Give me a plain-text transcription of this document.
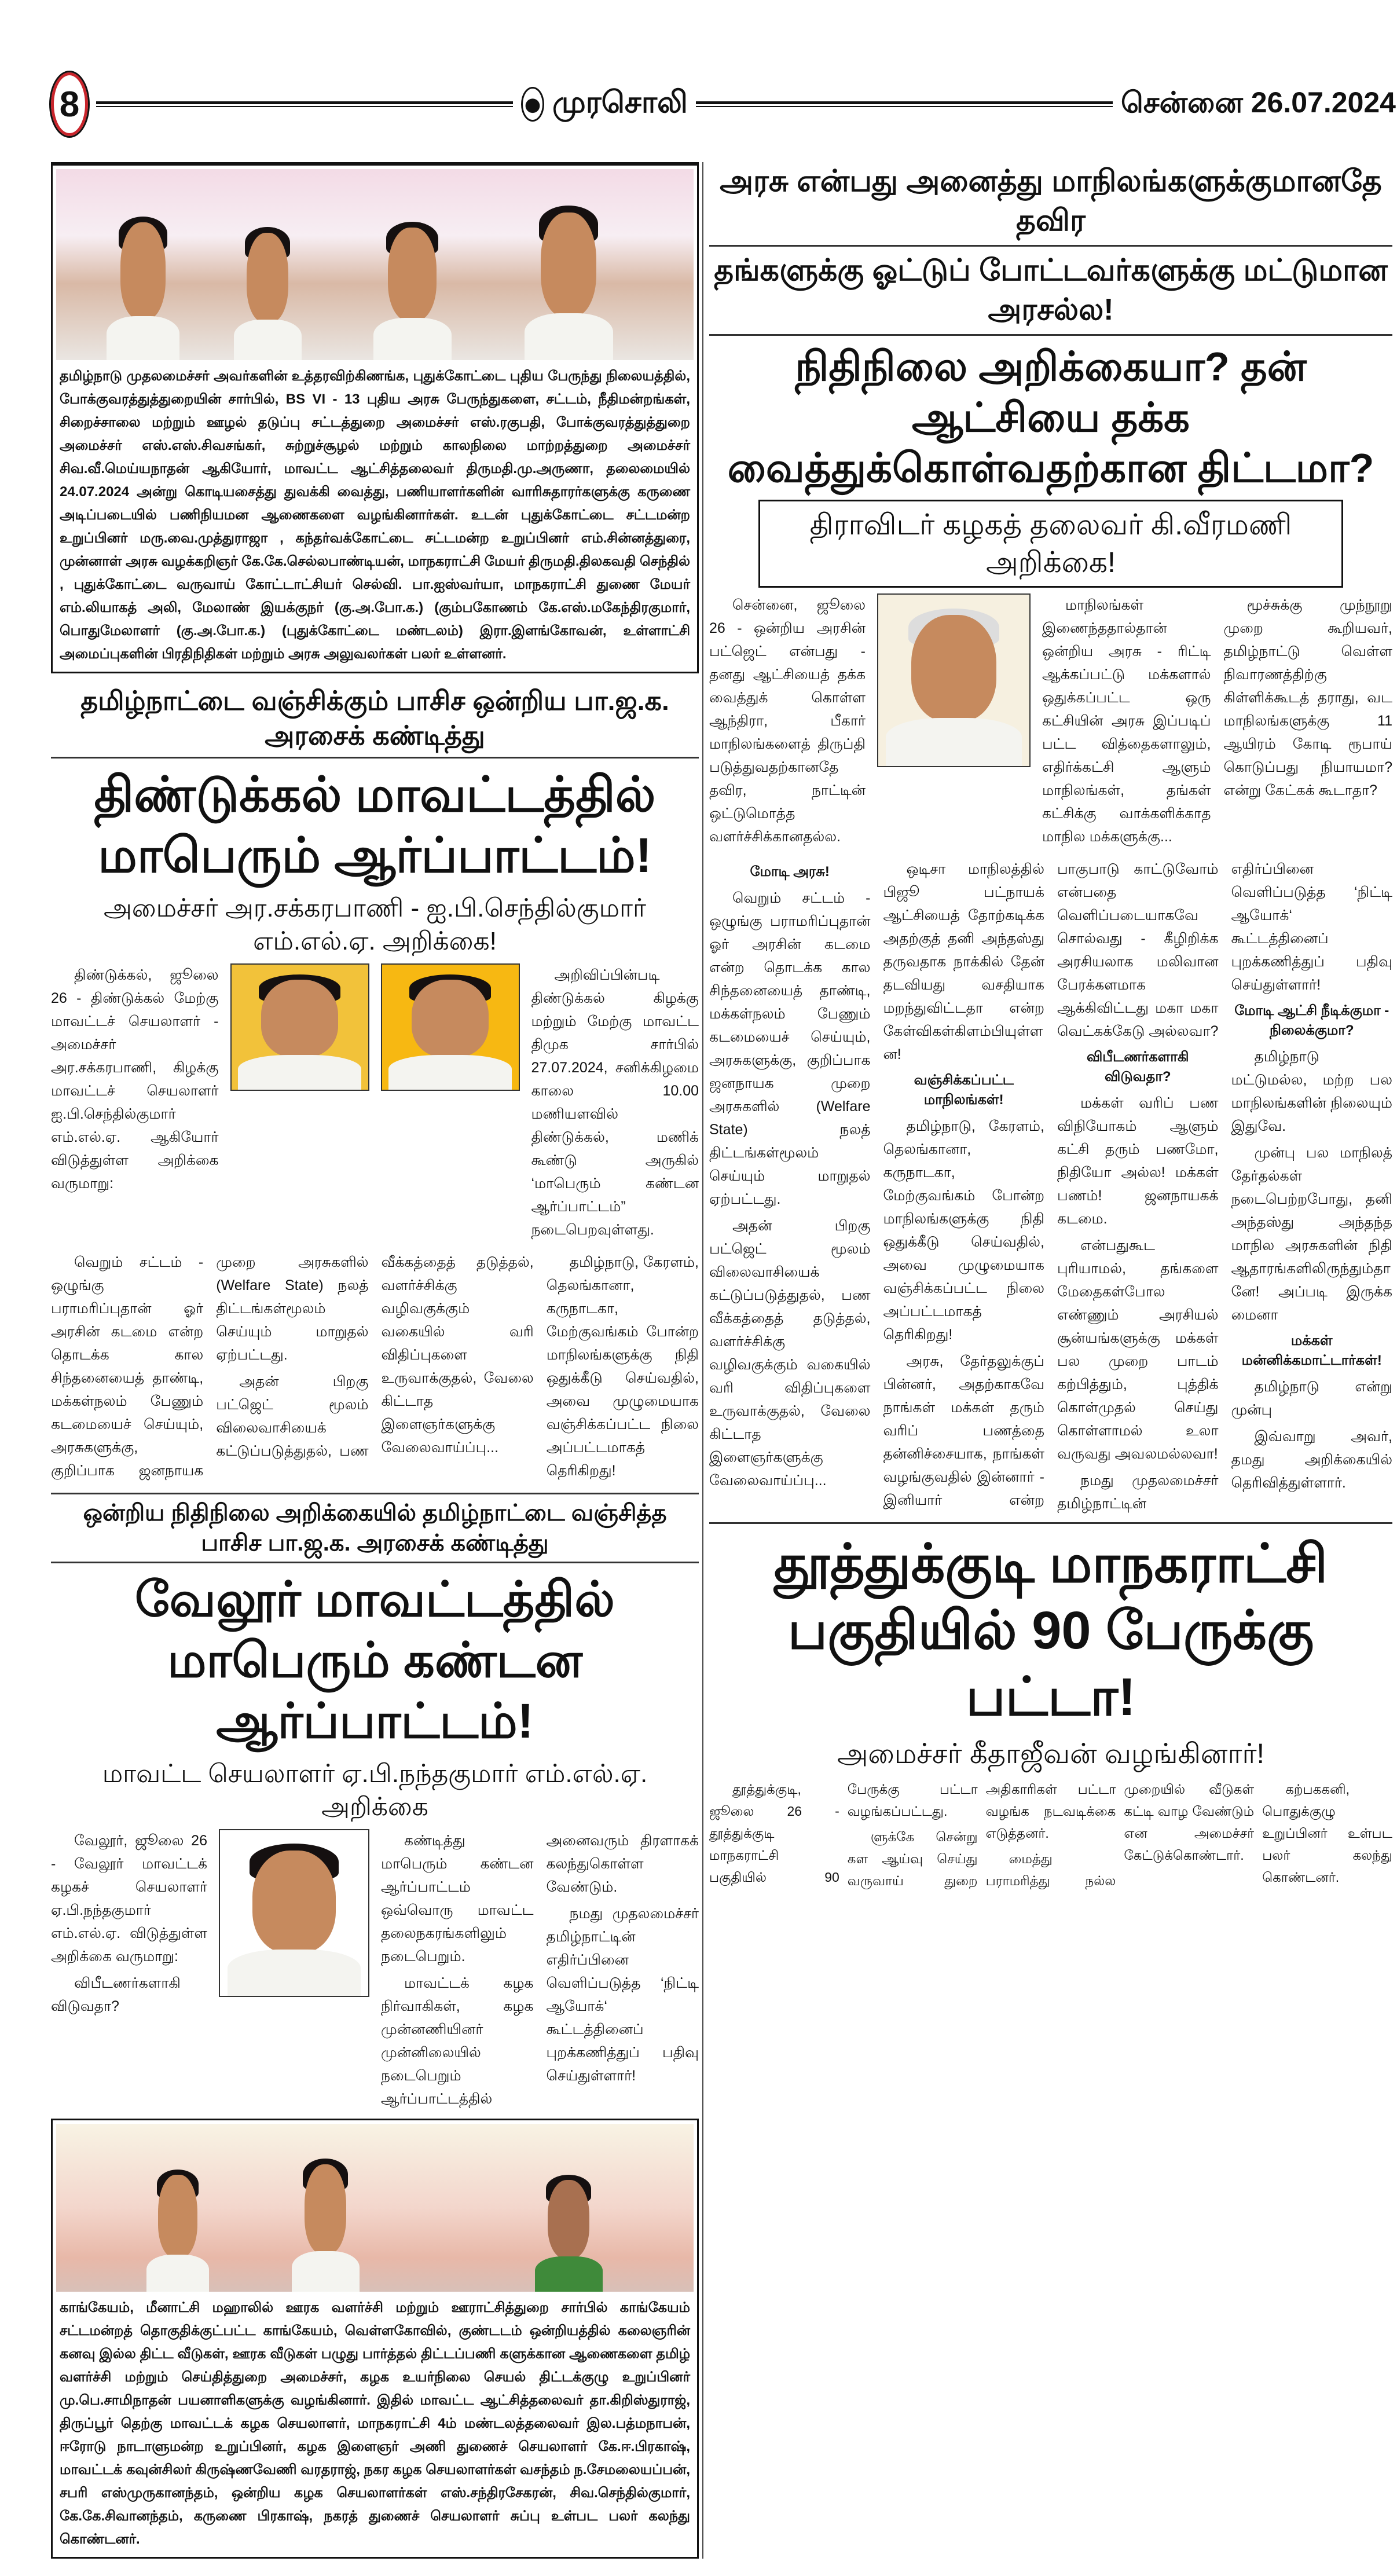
8	முரசொலி	சென்னை 26.07.2024
தமிழ்நாடு முதலமைச்சர் அவர்களின் உத்தரவிற்கிணங்க, புதுக்கோட்டை புதிய பேருந்து நிலையத்தில், போக்குவரத்துத்துறையின் சார்பில், BS VI - 13 புதிய அரசு பேருந்துகளை, சட்டம், நீதிமன்றங்கள், சிறைச்சாலை மற்றும் ஊழல் தடுப்பு சட்டத்துறை அமைச்சர் எஸ்.ரகுபதி, போக்குவரத்துத்துறை அமைச்சர் எஸ்.எஸ்.சிவசங்கர், சுற்றுச்சூழல் மற்றும் காலநிலை மாற்றத்துறை அமைச்சர் சிவ.வீ.மெய்யநாதன் ஆகியோர், மாவட்ட ஆட்சித்தலைவர் திருமதி.மு.அருணா, தலைமையில் 24.07.2024 அன்று கொடியசைத்து துவக்கி வைத்து, பணியாளர்களின் வாரிசுதாரர்களுக்கு கருணை அடிப்படையில் பணிநியமன ஆணைகளை வழங்கினார்கள். உடன் புதுக்கோட்டை சட்டமன்ற உறுப்பினர் மரு.வை.முத்துராஜா , கந்தர்வக்கோட்டை சட்டமன்ற உறுப்பினர் எம்.சின்னத்துரை, முன்னாள் அரசு வழக்கறிஞர் கே.கே.செல்லபாண்டியன், மாநகராட்சி மேயர் திருமதி.திலகவதி செந்தில் , புதுக்கோட்டை வருவாய் கோட்டாட்சியர் செல்வி. பா.ஐஸ்வர்யா, மாநகராட்சி துணை மேயர் எம்.லியாகத் அலி, மேலாண் இயக்குநர் (கு.அ.போ.க.) (கும்பகோணம் கே.எஸ்.மகேந்திரகுமார், பொதுமேலாளர் (கு.அ.போ.க.) (புதுக்கோட்டை மண்டலம்) இரா.இளங்கோவன், உள்ளாட்சி அமைப்புகளின் பிரதிநிதிகள் மற்றும் அரசு அலுவலர்கள் பலர் உள்ளனர்.
தமிழ்நாட்டை வஞ்சிக்கும் பாசிச ஒன்றிய பா.ஜ.க. அரசைக் கண்டித்து
திண்டுக்கல் மாவட்டத்தில் மாபெரும் ஆர்ப்பாட்டம்!
அமைச்சர் அர.சக்கரபாணி - ஐ.பி.செந்தில்குமார் எம்.எல்.ஏ. அறிக்கை!

திண்டுக்கல், ஜூலை 26 - திண்டுக்கல் மேற்கு மாவட்டச் செயலாளர் - அமைச்சர் அர.சக்கரபாணி, கிழக்கு மாவட்டச் செயலாளர் ஐ.பி.செந்தில்குமார் எம்.எல்.ஏ. ஆகியோர் விடுத்துள்ள அறிக்கை வருமாறு:

அறிவிப்பின்படி திண்டுக்கல் கிழக்கு மற்றும் மேற்கு மாவட்ட திமுக சார்பில் 27.07.2024, சனிக்கிழமை காலை 10.00 மணியளவில் திண்டுக்கல், மணிக் கூண்டு அருகில் ‘மாபெரும் கண்டன ஆர்ப்பாட்டம்” நடைபெறவுள்ளது.

வெறும் சட்டம் - ஒழுங்கு பராமரிப்புதான் ஓர் அரசின் கடமை என்ற தொடக்க கால சிந்தனையைத் தாண்டி, மக்கள்நலம் பேணும் கடமையைச் செய்யும், அரசுகளுக்கு, குறிப்பாக ஜனநாயக முறை அரசுகளில் (Welfare State) நலத் திட்டங்கள்மூலம் செய்யும் மாறுதல் ஏற்பட்டது.

அதன் பிறகு பட்ஜெட் மூலம் விலைவாசியைக் கட்டுப்படுத்துதல், பண வீக்கத்தைத் தடுத்தல், வளர்ச்சிக்கு வழிவகுக்கும் வகையில் வரி விதிப்புகளை உருவாக்குதல், வேலை கிட்டாத இளைஞர்களுக்கு வேலைவாய்ப்பு...

தமிழ்நாடு, கேரளம், தெலங்கானா, கருநாடகா, மேற்குவங்கம் போன்ற மாநிலங்களுக்கு நிதி ஒதுக்கீடு செய்வதில், அவை முழுமையாக வஞ்சிக்கப்பட்ட நிலை அப்பட்டமாகத் தெரிகிறது!

ஒன்றிய நிதிநிலை அறிக்கையில் தமிழ்நாட்டை வஞ்சித்த பாசிச பா.ஜ.க. அரசைக் கண்டித்து
வேலூர் மாவட்டத்தில் மாபெரும் கண்டன ஆர்ப்பாட்டம்!
மாவட்ட செயலாளர் ஏ.பி.நந்தகுமார் எம்.எல்.ஏ. அறிக்கை

வேலூர், ஜூலை 26 - வேலூர் மாவட்டக் கழகச் செயலாளர் ஏ.பி.நந்தகுமார் எம்.எல்.ஏ. விடுத்துள்ள அறிக்கை வருமாறு:

விபீடணர்களாகி விடுவதா?

கண்டித்து மாபெரும் கண்டன ஆர்ப்பாட்டம் ஒவ்வொரு மாவட்ட தலைநகரங்களிலும் நடைபெறும்.

மாவட்டக் கழக நிர்வாகிகள், கழக முன்னணியினர் முன்னிலையில் நடைபெறும் ஆர்ப்பாட்டத்தில் அனைவரும் திரளாகக் கலந்துகொள்ள வேண்டும்.

நமது முதலமைச்சர் தமிழ்நாட்டின் எதிர்ப்பினை வெளிப்படுத்த ‘நிட்டி ஆயோக்‘ கூட்டத்தினைப் புறக்கணித்துப் பதிவு செய்துள்ளார்!

காங்கேயம், மீனாட்சி மஹாலில் ஊரக வளர்ச்சி மற்றும் ஊராட்சித்துறை சார்பில் காங்கேயம் சட்டமன்றத் தொகுதிக்குட்பட்ட காங்கேயம், வெள்ளகோவில், குண்டடம் ஒன்றியத்தில் கலைஞரின் கனவு இல்ல திட்ட வீடுகள், ஊரக வீடுகள் பழுது பார்த்தல் திட்டப்பணி களுக்கான ஆணைகளை தமிழ் வளர்ச்சி மற்றும் செய்தித்துறை அமைச்சர், கழக உயர்நிலை செயல் திட்டக்குழு உறுப்பினர் மு.பெ.சாமிநாதன் பயனாளிகளுக்கு வழங்கினார். இதில் மாவட்ட ஆட்சித்தலைவர் தா.கிறிஸ்துராஜ், திருப்பூர் தெற்கு மாவட்டக் கழக செயலாளர், மாநகராட்சி 4ம் மண்டலத்தலைவர் இல.பத்மநாபன், ஈரோடு நாடாளுமன்ற உறுப்பினர், கழக இளைஞர் அணி துணைச் செயலாளர் கே.ஈ.பிரகாஷ், மாவட்டக் கவுன்சிலர் கிருஷ்ணவேணி வரதராஜ், நகர கழக செயலாளர்கள் வசந்தம் ந.சேமலையப்பன், சபரி எஸ்முருகானந்தம், ஒன்றிய கழக செயலாளர்கள் எஸ்.சந்திரசேகரன், சிவ.செந்தில்குமார், கே.கே.சிவானந்தம், கருணை பிரகாஷ், நகரத் துணைச் செயலாளர் சுப்பு உள்பட பலர் கலந்து கொண்டனர்.
அரசு என்பது அனைத்து மாநிலங்களுக்குமானதே தவிர
தங்களுக்கு ஓட்டுப் போட்டவர்களுக்கு மட்டுமான அரசல்ல!
நிதிநிலை அறிக்கையா? தன் ஆட்சியை தக்க வைத்துக்கொள்வதற்கான திட்டமா?
திராவிடர் கழகத் தலைவர் கி.வீரமணி அறிக்கை!

சென்னை, ஜூலை 26 - ஒன்றிய அரசின் பட்ஜெட் என்பது - தனது ஆட்சியைத் தக்க வைத்துக் கொள்ள ஆந்திரா, பீகார் மாநிலங்களைத் திருப்தி படுத்துவதற்கானதே தவிர, நாட்டின் ஒட்டுமொத்த வளர்ச்சிக்கானதல்ல.

மாநிலங்கள் இணைந்ததால்தான் ஒன்றிய அரசு - ரிட்டி ஆக்கப்பட்டு மக்களால் ஒதுக்கப்பட்ட ஒரு கட்சியின் அரசு இப்படிப் பட்ட வித்தைகளாலும், எதிர்க்கட்சி ஆளும் மாநிலங்கள், தங்கள் கட்சிக்கு வாக்களிக்காத மாநில மக்களுக்கு...

மூச்சுக்கு முந்நூறு முறை கூறியவர், தமிழ்நாட்டு வெள்ள நிவாரணத்திற்கு கிள்ளிக்கூடத் தராது, வட மாநிலங்களுக்கு 11 ஆயிரம் கோடி ரூபாய் கொடுப்பது நியாயமா? என்று கேட்கக் கூடாதா?

மோடி அரசு!

வெறும் சட்டம் - ஒழுங்கு பராமரிப்புதான் ஓர் அரசின் கடமை என்ற தொடக்க கால சிந்தனையைத் தாண்டி, மக்கள்நலம் பேணும் கடமையைச் செய்யும், அரசுகளுக்கு, குறிப்பாக ஜனநாயக முறை அரசுகளில் (Welfare State) நலத் திட்டங்கள்மூலம் செய்யும் மாறுதல் ஏற்பட்டது.

அதன் பிறகு பட்ஜெட் மூலம் விலைவாசியைக் கட்டுப்படுத்துதல், பண வீக்கத்தைத் தடுத்தல், வளர்ச்சிக்கு வழிவகுக்கும் வகையில் வரி விதிப்புகளை உருவாக்குதல், வேலை கிட்டாத இளைஞர்களுக்கு வேலைவாய்ப்பு...

ஒடிசா மாநிலத்தில் பிஜூ பட்நாயக் ஆட்சியைத் தோற்கடிக்க அதற்குத் தனி அந்தஸ்து தருவதாக நாக்கில் தேன் தடவியது வசதியாக மறந்துவிட்டதா என்ற கேள்விகள்கிளம்பியுள்ளன!

வஞ்சிக்கப்பட்ட மாநிலங்கள்!

தமிழ்நாடு, கேரளம், தெலங்கானா, கருநாடகா, மேற்குவங்கம் போன்ற மாநிலங்களுக்கு நிதி ஒதுக்கீடு செய்வதில், அவை முழுமையாக வஞ்சிக்கப்பட்ட நிலை அப்பட்டமாகத் தெரிகிறது!

அரசு, தேர்தலுக்குப் பின்னர், அதற்காகவே நாங்கள் மக்கள் தரும் வரிப் பணத்தை தன்னிச்சையாக, நாங்கள் வழங்குவதில் இன்னார் - இனியார் என்ற பாகுபாடு காட்டுவோம் என்பதை வெளிப்படையாகவே சொல்வது - கீழிறிக்க அரசியலாக மலிவான பேரக்களமாக ஆக்கிவிட்டது மகா மகா வெட்கக்கேடு அல்லவா?

விபீடணர்களாகி விடுவதா?

மக்கள் வரிப் பண விநியோகம் ஆளும் கட்சி தரும் பணமோ, நிதியோ அல்ல! மக்கள் பணம்! ஜனநாயகக் கடமை.

என்பதுகூட புரியாமல், தங்களை மேதைகள்போல எண்ணும் அரசியல் சூன்யங்களுக்கு மக்கள் பல முறை பாடம் கற்பித்தும், புத்திக் கொள்முதல் செய்து கொள்ளாமல் உலா வருவது அவலமல்லவா!

நமது முதலமைச்சர் தமிழ்நாட்டின் எதிர்ப்பினை வெளிப்படுத்த ‘நிட்டி ஆயோக்‘ கூட்டத்தினைப் புறக்கணித்துப் பதிவு செய்துள்ளார்!

மோடி ஆட்சி நீடிக்குமா - நிலைக்குமா?

தமிழ்நாடு மட்டுமல்ல, மற்ற பல மாநிலங்களின் நிலையும் இதுவே.

முன்பு பல மாநிலத் தேர்தல்கள் நடைபெற்றபோது, தனி அந்தஸ்து அந்தந்த மாநில அரசுகளின் நிதி ஆதாரங்களிலிருந்தும்தானே! அப்படி இருக்க மைனா

மக்கள் மன்னிக்கமாட்டார்கள்!

தமிழ்நாடு என்று முன்பு

இவ்வாறு அவர், தமது அறிக்கையில் தெரிவித்துள்ளார்.

தூத்துக்குடி மாநகராட்சி பகுதியில் 90 பேருக்கு பட்டா!
அமைச்சர் கீதாஜீவன் வழங்கினார்!

தூத்துக்குடி, ஜூலை 26 - தூத்துக்குடி மாநகராட்சி பகுதியில் 90 பேருக்கு பட்டா வழங்கப்பட்டது.

ளுக்கே சென்று கள ஆய்வு செய்து வருவாய் துறை அதிகாரிகள் பட்டா வழங்க நடவடிக்கை எடுத்தனர்.

மைத்து பராமரித்து நல்ல முறையில் வீடுகள் கட்டி வாழ வேண்டும் என அமைச்சர் கேட்டுக்கொண்டார்.

கற்பககனி, பொதுக்குழு உறுப்பினர் உள்பட பலர் கலந்து கொண்டனர்.
